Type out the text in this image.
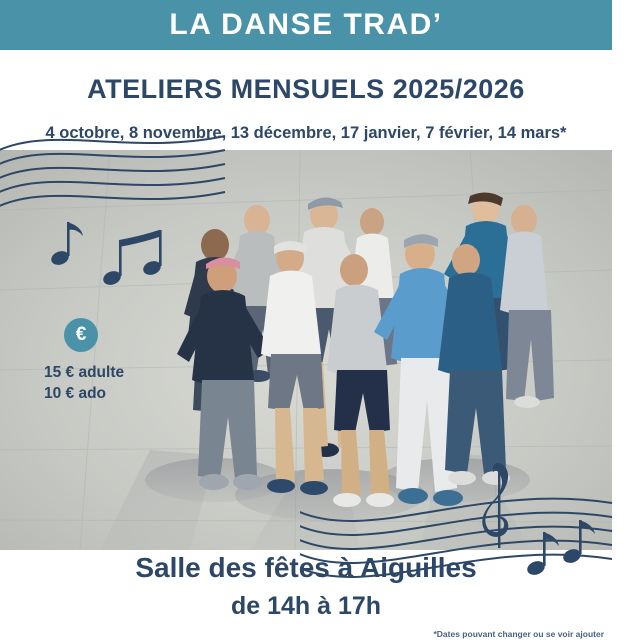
LA DANSE TRAD’
ATELIERS MENSUELS 2025/2026
4 octobre, 8 novembre, 13 décembre, 17 janvier, 7 février, 14 mars*
€
15 € adulte
10 € ado
Salle des fêtes à Aiguilles
de 14h à 17h
*Dates pouvant changer ou se voir ajouter
